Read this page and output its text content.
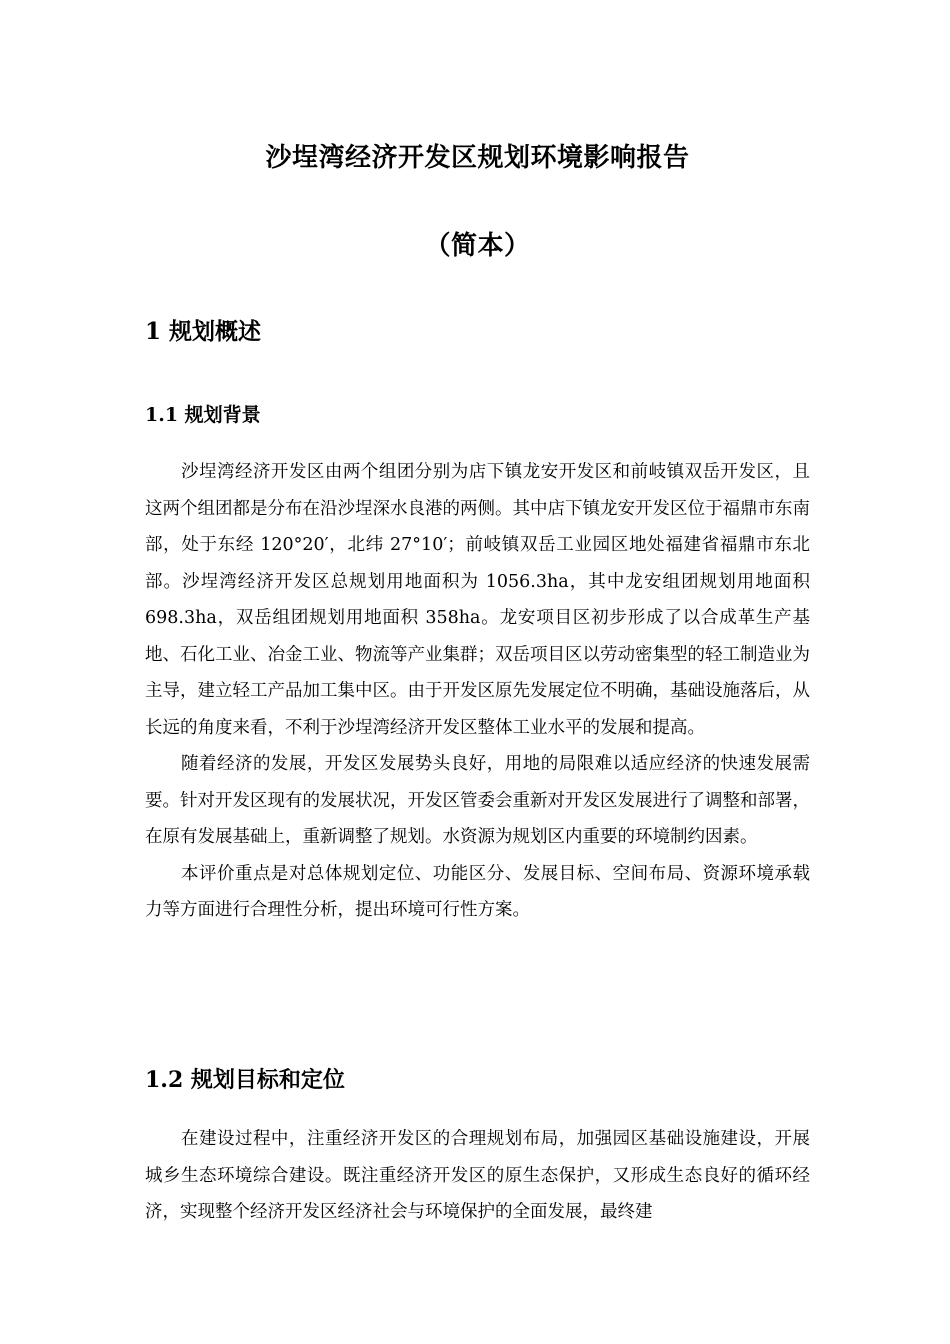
沙埕湾经济开发区规划环境影响报告
（简本）
1 规划概述
1.1 规划背景

沙埕湾经济开发区由两个组团分别为店下镇龙安开发区和前岐镇双岳开发区，且这两个组团都是分布在沿沙埕深水良港的两侧。其中店下镇龙安开发区位于福鼎市东南部，处于东经 120°20′，北纬 27°10′；前岐镇双岳工业园区地处福建省福鼎市东北部。沙埕湾经济开发区总规划用地面积为 1056.3ha，其中龙安组团规划用地面积 698.3ha，双岳组团规划用地面积 358ha。龙安项目区初步形成了以合成革生产基地、石化工业、冶金工业、物流等产业集群；双岳项目区以劳动密集型的轻工制造业为主导，建立轻工产品加工集中区。由于开发区原先发展定位不明确，基础设施落后，从长远的角度来看，不利于沙埕湾经济开发区整体工业水平的发展和提高。

随着经济的发展，开发区发展势头良好，用地的局限难以适应经济的快速发展需要。针对开发区现有的发展状况，开发区管委会重新对开发区发展进行了调整和部署，在原有发展基础上，重新调整了规划。水资源为规划区内重要的环境制约因素。

本评价重点是对总体规划定位、功能区分、发展目标、空间布局、资源环境承载力等方面进行合理性分析，提出环境可行性方案。

1.2 规划目标和定位

在建设过程中，注重经济开发区的合理规划布局，加强园区基础设施建设，开展城乡生态环境综合建设。既注重经济开发区的原生态保护，又形成生态良好的循环经济，实现整个经济开发区经济社会与环境保护的全面发展，最终建
